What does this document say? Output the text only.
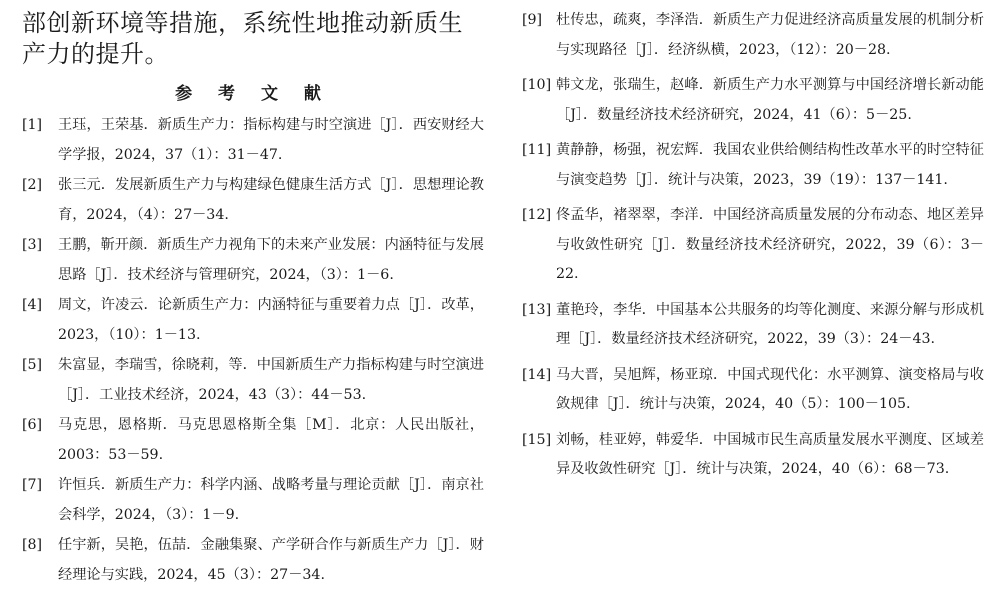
部创新环境等措施，系统性地推动新质生产力的提升。

参 考 文 献

[1] 王珏，王荣基．新质生产力：指标构建与时空演进［J］．西安财经大学学报，2024，37（1）：31－47.

[2] 张三元．发展新质生产力与构建绿色健康生活方式［J］．思想理论教育，2024，（4）：27－34.

[3] 王鹏，靳开颜．新质生产力视角下的未来产业发展：内涵特征与发展思路［J］．技术经济与管理研究，2024，（3）：1－6.

[4] 周文，许凌云．论新质生产力：内涵特征与重要着力点［J］．改革，2023，（10）：1－13.

[5] 朱富显，李瑞雪，徐晓莉，等．中国新质生产力指标构建与时空演进［J］．工业技术经济，2024，43（3）：44－53.

[6] 马克思，恩格斯．马克思恩格斯全集［M］．北京：人民出版社，2003：53－59.

[7] 许恒兵．新质生产力：科学内涵、战略考量与理论贡献［J］．南京社会科学，2024，（3）：1－9.

[8] 任宇新，吴艳，伍喆．金融集聚、产学研合作与新质生产力［J］．财经理论与实践，2024，45（3）：27－34.

[9] 杜传忠，疏爽，李泽浩．新质生产力促进经济高质量发展的机制分析与实现路径［J］．经济纵横，2023，（12）：20－28.

[10] 韩文龙，张瑞生，赵峰．新质生产力水平测算与中国经济增长新动能［J］．数量经济技术经济研究，2024，41（6）：5－25.

[11] 黄静静，杨强，祝宏辉．我国农业供给侧结构性改革水平的时空特征与演变趋势［J］．统计与决策，2023，39（19）：137－141.

[12] 佟孟华，褚翠翠，李洋．中国经济高质量发展的分布动态、地区差异与收敛性研究［J］．数量经济技术经济研究，2022，39（6）：3－22.

[13] 董艳玲，李华．中国基本公共服务的均等化测度、来源分解与形成机理［J］．数量经济技术经济研究，2022，39（3）：24－43.

[14] 马大晋，吴旭辉，杨亚琼．中国式现代化：水平测算、演变格局与收敛规律［J］．统计与决策，2024，40（5）：100－105.

[15] 刘畅，桂亚婷，韩爱华．中国城市民生高质量发展水平测度、区域差异及收敛性研究［J］．统计与决策，2024，40（6）：68－73.
